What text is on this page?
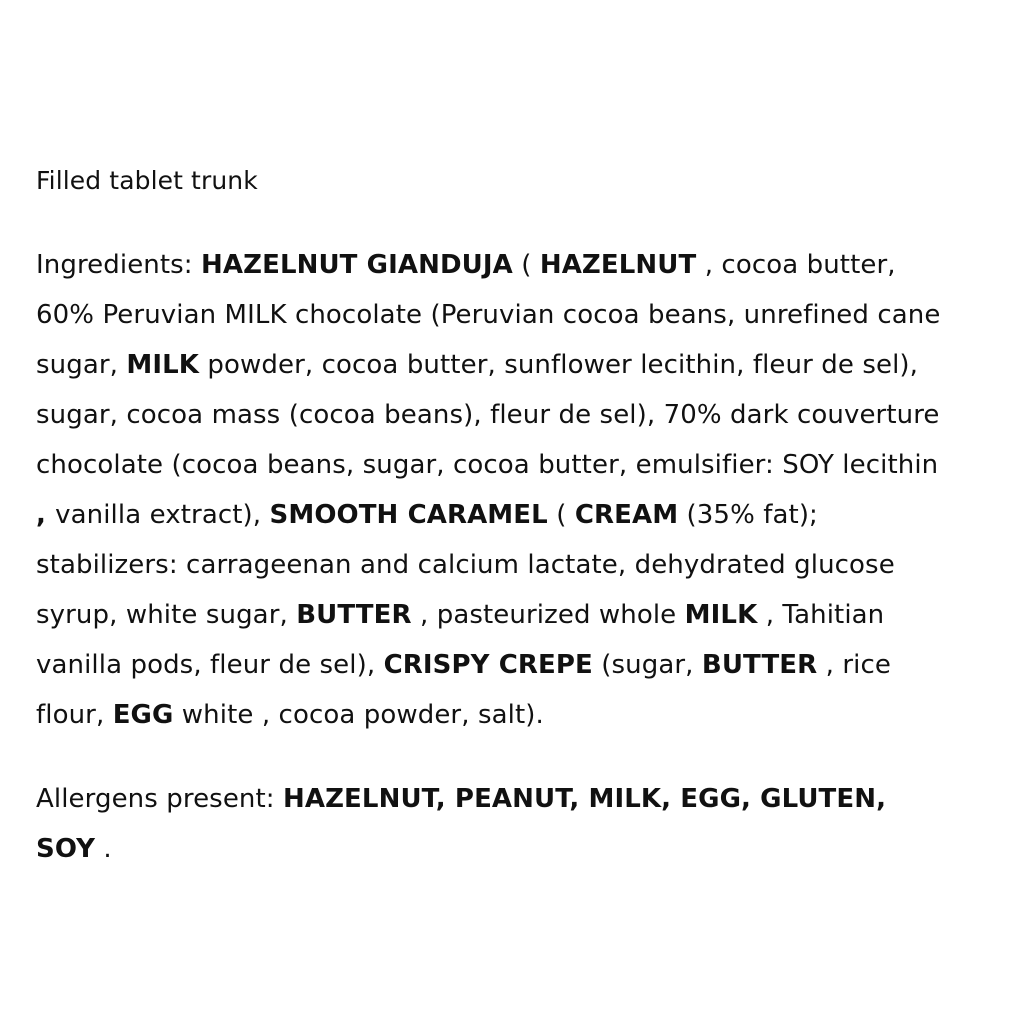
Filled tablet trunk
Ingredients: HAZELNUT GIANDUJA ( HAZELNUT , cocoa butter,
60% Peruvian MILK chocolate (Peruvian cocoa beans, unrefined cane
sugar, MILK powder, cocoa butter, sunflower lecithin, fleur de sel),
sugar, cocoa mass (cocoa beans), fleur de sel), 70% dark couverture
chocolate (cocoa beans, sugar, cocoa butter, emulsifier: SOY lecithin
, vanilla extract), SMOOTH CARAMEL ( CREAM (35% fat);
stabilizers: carrageenan and calcium lactate, dehydrated glucose
syrup, white sugar, BUTTER , pasteurized whole MILK , Tahitian
vanilla pods, fleur de sel), CRISPY CREPE (sugar, BUTTER , rice
flour, EGG white , cocoa powder, salt).
Allergens present: HAZELNUT, PEANUT, MILK, EGG, GLUTEN,
SOY .
